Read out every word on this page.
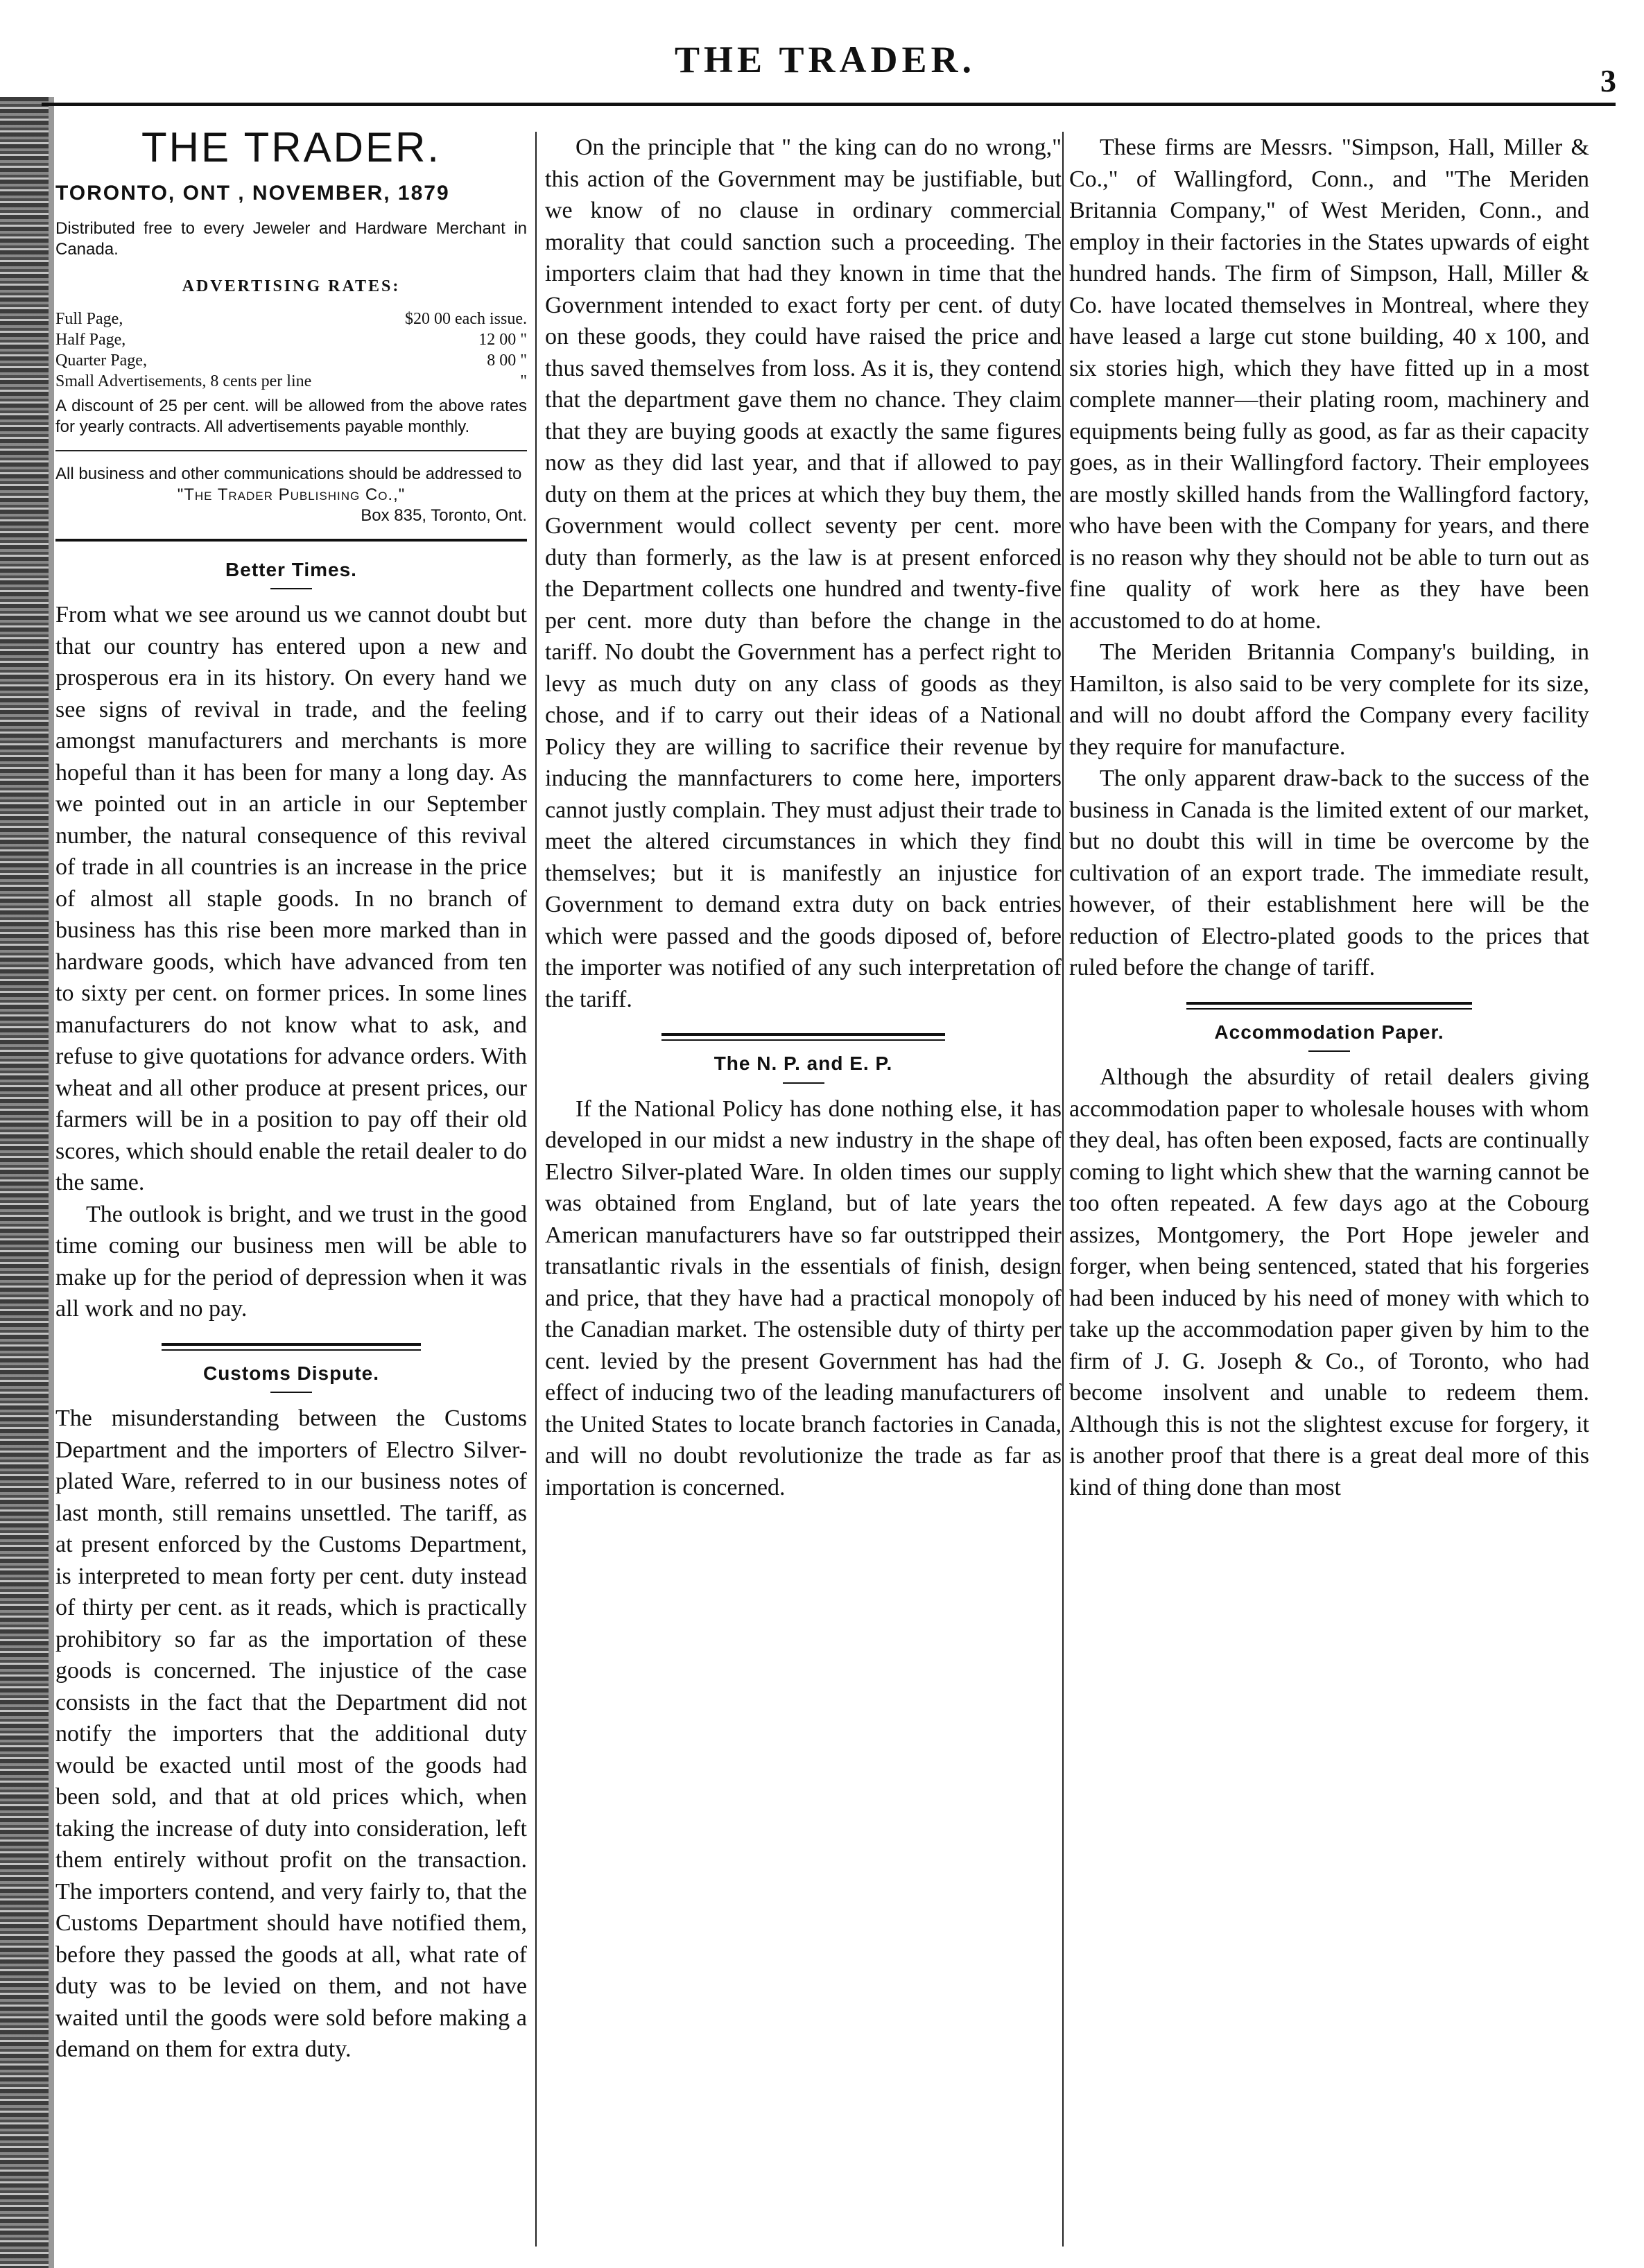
THE TRADER.
3
THE TRADER.
TORONTO, ONT , NOVEMBER, 1879
Distributed free to every Jeweler and Hardware Merchant in Canada.
ADVERTISING RATES:
Full Page,	$20 00 each issue.
Half Page,	12 00 "
Quarter Page,	8 00 "
Small Advertisements, 8 cents per line	"
A discount of 25 per cent. will be allowed from the above rates for yearly contracts. All advertisements payable monthly.
All business and other communications should be addressed to
"The Trader Publishing Co.,"
Box 835, Toronto, Ont.
Better Times.

From what we see around us we cannot doubt but that our country has entered upon a new and prosperous era in its history. On every hand we see signs of revival in trade, and the feeling amongst manufacturers and merchants is more hopeful than it has been for many a long day. As we pointed out in an article in our September number, the natural consequence of this revival of trade in all countries is an increase in the price of almost all staple goods. In no branch of business has this rise been more marked than in hardware goods, which have advanced from ten to sixty per cent. on former prices. In some lines manufacturers do not know what to ask, and refuse to give quotations for advance orders. With wheat and all other produce at present prices, our farmers will be in a position to pay off their old scores, which should enable the retail dealer to do the same.

The outlook is bright, and we trust in the good time coming our business men will be able to make up for the period of depression when it was all work and no pay.

Customs Dispute.

The misunderstanding between the Customs Department and the importers of Electro Silver-plated Ware, referred to in our business notes of last month, still remains unsettled. The tariff, as at present enforced by the Customs Department, is interpreted to mean forty per cent. duty instead of thirty per cent. as it reads, which is practically prohibitory so far as the importation of these goods is concerned. The injustice of the case consists in the fact that the Department did not notify the importers that the additional duty would be exacted until most of the goods had been sold, and that at old prices which, when taking the increase of duty into consideration, left them entirely without profit on the transaction. The importers contend, and very fairly to, that the Customs Department should have notified them, before they passed the goods at all, what rate of duty was to be levied on them, and not have waited until the goods were sold before making a demand on them for extra duty.

On the principle that " the king can do no wrong," this action of the Government may be justifiable, but we know of no clause in ordinary commercial morality that could sanction such a proceeding. The importers claim that had they known in time that the Government intended to exact forty per cent. of duty on these goods, they could have raised the price and thus saved themselves from loss. As it is, they contend that the department gave them no chance. They claim that they are buying goods at exactly the same figures now as they did last year, and that if allowed to pay duty on them at the prices at which they buy them, the Government would collect seventy per cent. more duty than formerly, as the law is at present enforced the Department collects one hundred and twenty-five per cent. more duty than before the change in the tariff. No doubt the Government has a perfect right to levy as much duty on any class of goods as they chose, and if to carry out their ideas of a National Policy they are willing to sacrifice their revenue by inducing the mannfacturers to come here, importers cannot justly complain. They must adjust their trade to meet the altered circumstances in which they find themselves; but it is manifestly an injustice for Government to demand extra duty on back entries which were passed and the goods diposed of, before the importer was notified of any such interpretation of the tariff.

The N. P. and E. P.

If the National Policy has done nothing else, it has developed in our midst a new industry in the shape of Electro Silver-plated Ware. In olden times our supply was obtained from England, but of late years the American manufacturers have so far outstripped their transatlantic rivals in the essentials of finish, design and price, that they have had a practical monopoly of the Canadian market. The ostensible duty of thirty per cent. levied by the present Government has had the effect of inducing two of the leading manufacturers of the United States to locate branch factories in Canada, and will no doubt revolutionize the trade as far as importation is concerned.

These firms are Messrs. "Simpson, Hall, Miller & Co.," of Wallingford, Conn., and "The Meriden Britannia Company," of West Meriden, Conn., and employ in their factories in the States upwards of eight hundred hands. The firm of Simpson, Hall, Miller & Co. have located themselves in Montreal, where they have leased a large cut stone building, 40 x 100, and six stories high, which they have fitted up in a most complete manner—their plating room, machinery and equipments being fully as good, as far as their capacity goes, as in their Wallingford factory. Their employees are mostly skilled hands from the Wallingford factory, who have been with the Company for years, and there is no reason why they should not be able to turn out as fine quality of work here as they have been accustomed to do at home.

The Meriden Britannia Company's building, in Hamilton, is also said to be very complete for its size, and will no doubt afford the Company every facility they require for manufacture.

The only apparent draw-back to the success of the business in Canada is the limited extent of our market, but no doubt this will in time be overcome by the cultivation of an export trade. The immediate result, however, of their establishment here will be the reduction of Electro-plated goods to the prices that ruled before the change of tariff.

Accommodation Paper.

Although the absurdity of retail dealers giving accommodation paper to wholesale houses with whom they deal, has often been exposed, facts are continually coming to light which shew that the warning cannot be too often repeated. A few days ago at the Cobourg assizes, Montgomery, the Port Hope jeweler and forger, when being sentenced, stated that his forgeries had been induced by his need of money with which to take up the accommodation paper given by him to the firm of J. G. Joseph & Co., of Toronto, who had become insolvent and unable to redeem them. Although this is not the slightest excuse for forgery, it is another proof that there is a great deal more of this kind of thing done than most
